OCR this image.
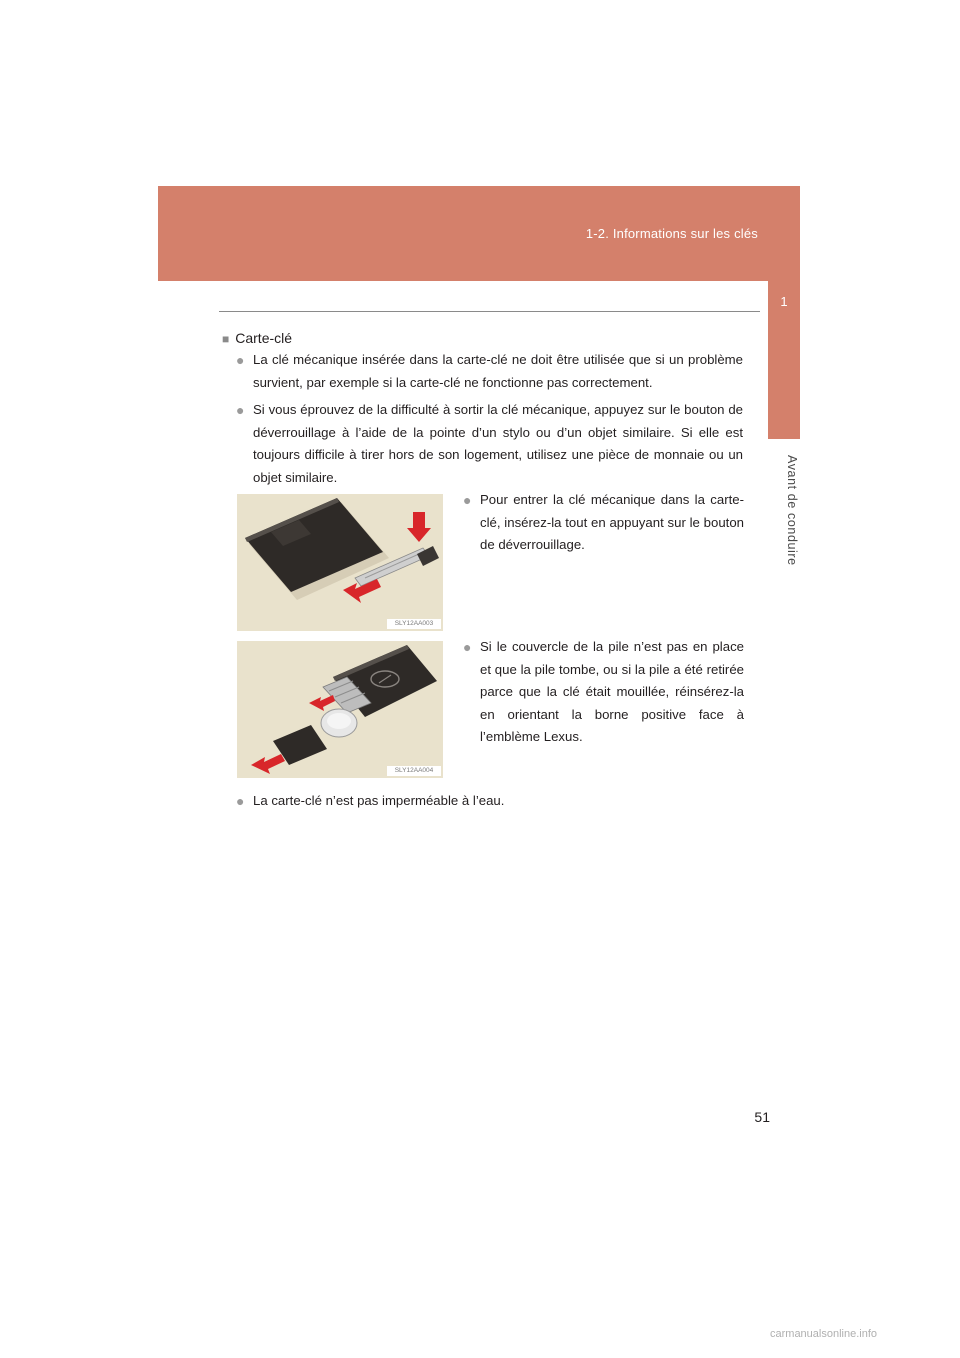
1-2. Informations sur les clés
1
Avant de conduire
■ Carte-clé
● La clé mécanique insérée dans la carte-clé ne doit être utilisée que si un problème survient, par exemple si la carte-clé ne fonctionne pas correctement.
● Si vous éprouvez de la difficulté à sortir la clé mécanique, appuyez sur le bouton de déverrouillage à l’aide de la pointe d’un stylo ou d’un objet similaire. Si elle est toujours difficile à tirer hors de son logement, utilisez une pièce de monnaie ou un objet similaire.
SLY12AA003
● Pour entrer la clé mécanique dans la carte-clé, insérez-la tout en appuyant sur le bouton de déverrouillage.
SLY12AA004
● Si le couvercle de la pile n’est pas en place et que la pile tombe, ou si la pile a été retirée parce que la clé était mouillée, réinsérez-la en orientant la borne positive face à l’emblème Lexus.
● La carte-clé n’est pas imperméable à l’eau.
51
carmanualsonline.info
